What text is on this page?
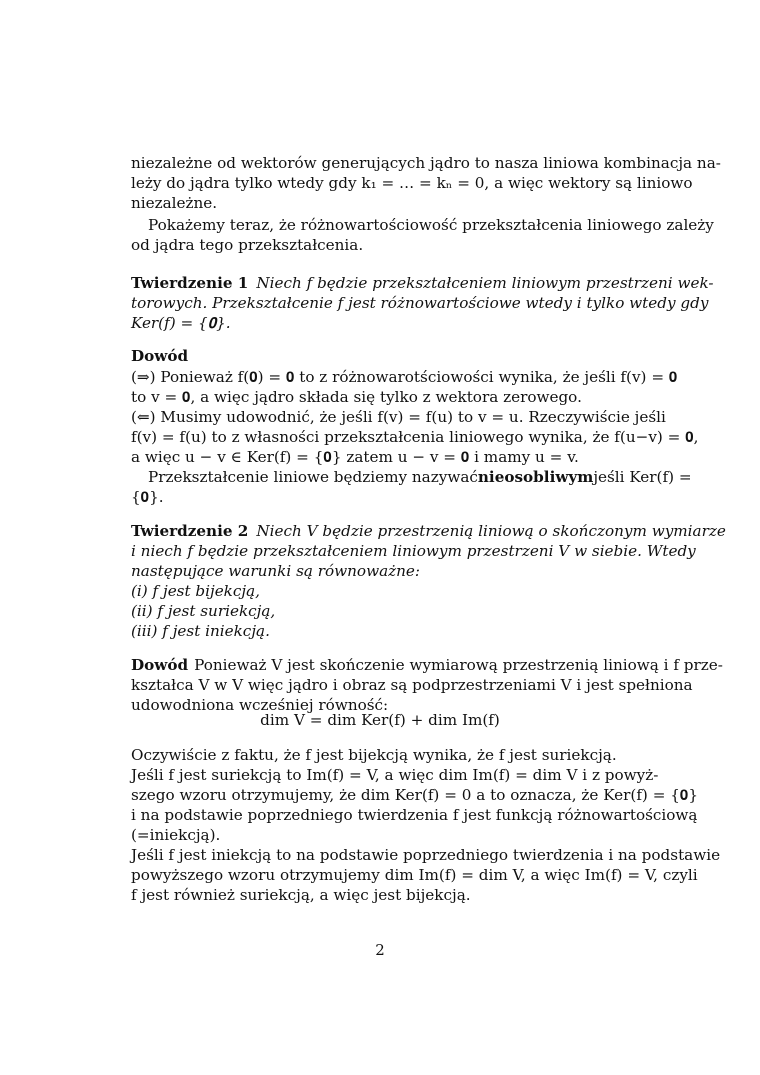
niezależne od wektorów generujących jądro to nasza liniowa kombinacja na-
leży do jądra tylko wtedy gdy k₁ = … = kₙ = 0, a więc wektory są liniowo
niezależne.
Pokażemy teraz, że różnowartościowość przekształcenia liniowego zależy
od jądra tego przekształcenia.
Twierdzenie 1 Niech f będzie przekształceniem liniowym przestrzeni wek-
torowych. Przekształcenie f jest różnowartościowe wtedy i tylko wtedy gdy
Ker(f) = {𝟎}.
Dowód
(⇒) Ponieważ f(𝟎) = 𝟎 to z różnowarotściowości wynika, że jeśli f(v) = 𝟎
to v = 𝟎, a więc jądro składa się tylko z wektora zerowego.
(⇐) Musimy udowodnić, że jeśli f(v) = f(u) to v = u. Rzeczywiście jeśli
f(v) = f(u) to z własności przekształcenia liniowego wynika, że f(u−v) = 𝟎,
a więc u − v ∈ Ker(f) = {𝟎} zatem u − v = 𝟎 i mamy u = v.
Przekształcenie liniowe będziemy nazywać nieosobliwym jeśli Ker(f) =
{𝟎}.
Twierdzenie 2 Niech V będzie przestrzenią liniową o skończonym wymiarze
i niech f będzie przekształceniem liniowym przestrzeni V w siebie. Wtedy
następujące warunki są równoważne:
(i) f jest bijekcją,
(ii) f jest suriekcją,
(iii) f jest iniekcją.
Dowód Ponieważ V jest skończenie wymiarową przestrzenią liniową i f prze-
kształca V w V więc jądro i obraz są podprzestrzeniami V i jest spełniona
udowodniona wcześniej równość:
dim V = dim Ker(f) + dim Im(f)
Oczywiście z faktu, że f jest bijekcją wynika, że f jest suriekcją.
Jeśli f jest suriekcją to Im(f) = V, a więc dim Im(f) = dim V i z powyż-
szego wzoru otrzymujemy, że dim Ker(f) = 0 a to oznacza, że Ker(f) = {𝟎}
i na podstawie poprzedniego twierdzenia f jest funkcją różnowartościową
(=iniekcją).
Jeśli f jest iniekcją to na podstawie poprzedniego twierdzenia i na podstawie
powyższego wzoru otrzymujemy dim Im(f) = dim V, a więc Im(f) = V, czyli
f jest również suriekcją, a więc jest bijekcją.
2
